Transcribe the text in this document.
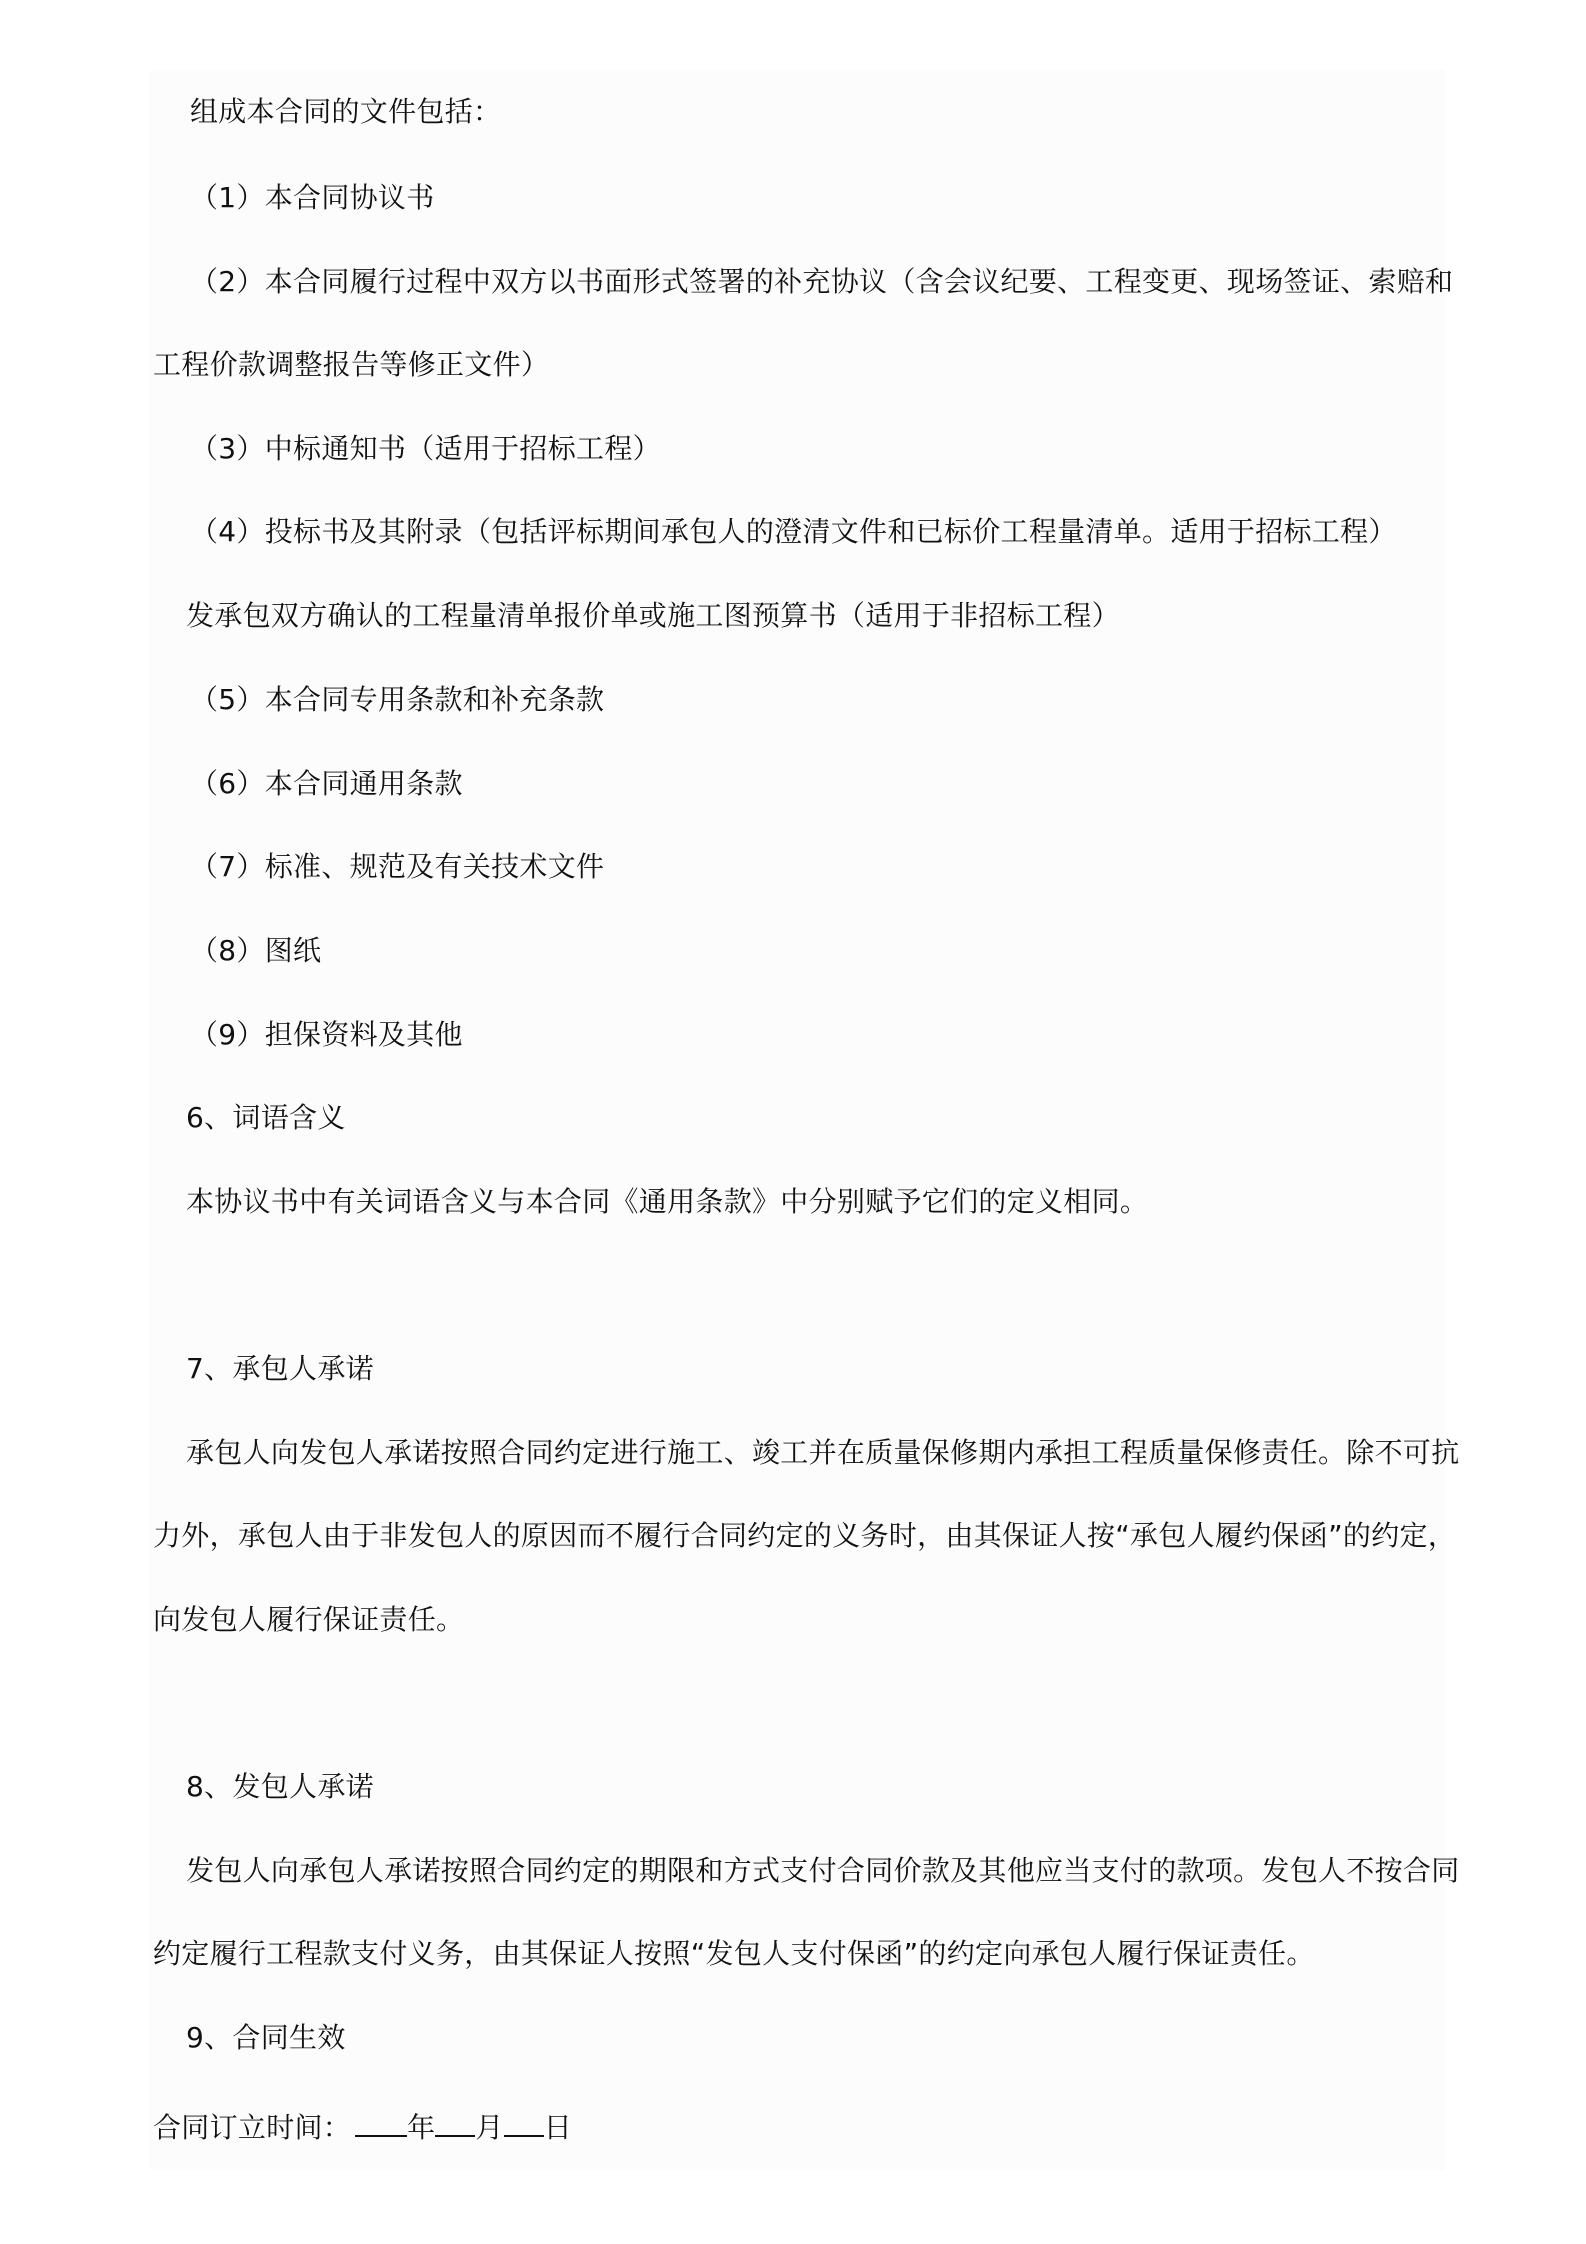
组成本合同的文件包括：
（1）本合同协议书
（2）本合同履行过程中双方以书面形式签署的补充协议（含会议纪要、工程变更、现场签证、索赔和
工程价款调整报告等修正文件）
（3）中标通知书（适用于招标工程）
（4）投标书及其附录（包括评标期间承包人的澄清文件和已标价工程量清单。适用于招标工程）
发承包双方确认的工程量清单报价单或施工图预算书（适用于非招标工程）
（5）本合同专用条款和补充条款
（6）本合同通用条款
（7）标准、规范及有关技术文件
（8）图纸
（9）担保资料及其他
6、词语含义
本协议书中有关词语含义与本合同《通用条款》中分别赋予它们的定义相同。
7、承包人承诺
承包人向发包人承诺按照合同约定进行施工、竣工并在质量保修期内承担工程质量保修责任。除不可抗
力外，承包人由于非发包人的原因而不履行合同约定的义务时，由其保证人按“承包人履约保函”的约定，
向发包人履行保证责任。
8、发包人承诺
发包人向承包人承诺按照合同约定的期限和方式支付合同价款及其他应当支付的款项。发包人不按合同
约定履行工程款支付义务，由其保证人按照“发包人支付保函”的约定向承包人履行保证责任。
9、合同生效
合同订立时间： 年 月 日
